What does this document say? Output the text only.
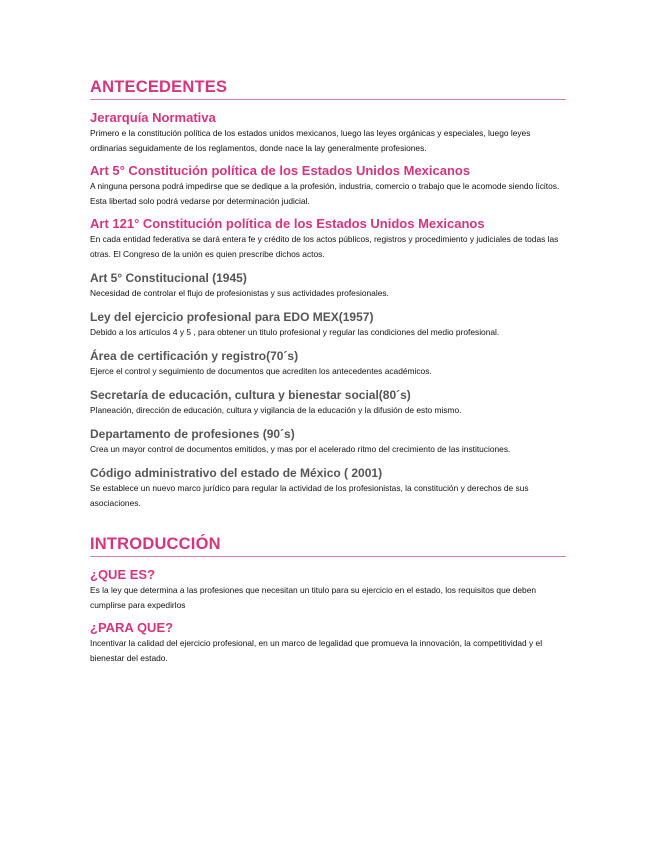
ANTECEDENTES
Jerarquía Normativa

Primero e la constitución política de los estados unidos mexicanos, luego las leyes orgánicas y especiales, luego leyes ordinarias seguidamente de los reglamentos, donde nace la lay generalmente profesiones.

Art 5° Constitución política de los Estados Unidos Mexicanos

A ninguna persona podrá impedirse que se dedique a la profesión, industria, comercio o trabajo que le acomode siendo lícitos. Esta libertad solo podrá vedarse por determinación judicial.

Art 121° Constitución política de los Estados Unidos Mexicanos

En cada entidad federativa se dará entera fe y crédito de los actos públicos, registros y procedimiento y judiciales de todas las otras. El Congreso de la unión es quien prescribe dichos actos.

Art 5° Constitucional (1945)

Necesidad de controlar el flujo de profesionistas y sus actividades profesionales.

Ley del ejercicio profesional para EDO MEX(1957)

Debido a los artículos 4 y 5 , para obtener un titulo profesional y regular las condiciones del medio profesional.

Área de certificación y registro(70´s)

Ejerce el control y seguimiento de documentos que acrediten los antecedentes académicos.

Secretaría de educación, cultura y bienestar social(80´s)

Planeación, dirección de educación, cultura y vigilancia de la educación y la difusión de esto mismo.

Departamento de profesiones (90´s)

Crea un mayor control de documentos emitidos, y mas por el acelerado ritmo del crecimiento de las instituciones.

Código administrativo del estado de México ( 2001)

Se establece un nuevo marco jurídico para regular la actividad de los profesionistas, la constitución y derechos de sus asociaciones.

INTRODUCCIÓN
¿QUE ES?

Es la ley que determina a las profesiones que necesitan un titulo para su ejercicio en el estado, los requisitos que deben cumplirse para expedirlos

¿PARA QUE?

Incentivar la calidad del ejercicio profesional, en un marco de legalidad que promueva la innovación, la competitividad y el bienestar del estado.
